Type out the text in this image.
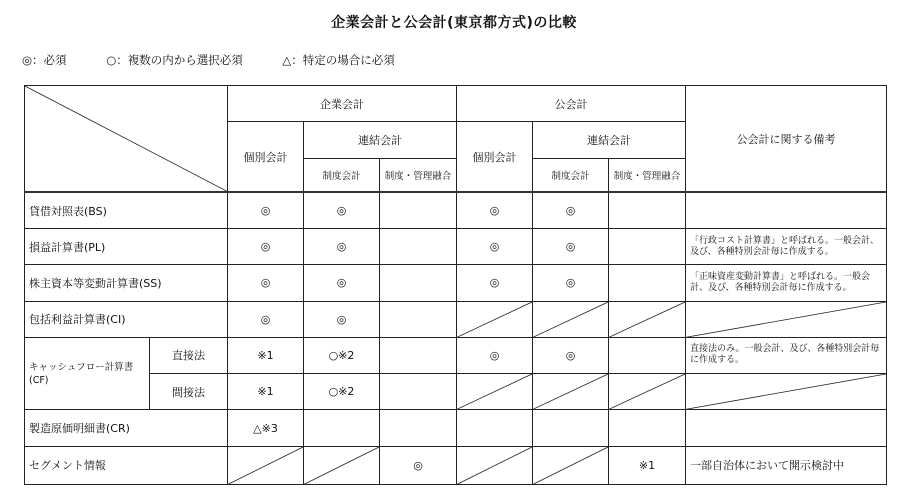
企業会計と公会計(東京都方式)の比較
◎：必須	○：複数の内から選択必須	△：特定の場合に必須
	企業会計			公会計			公会計に関する備考
		個別会計	連結会計		個別会計	連結会計		
			制度会計	制度・管理融合		制度会計	制度・管理融合	
貸借対照表(BS)		◎	◎		◎	◎		
損益計算書(PL)		◎	◎		◎	◎		「行政コスト計算書」と呼ばれる。一般会計、及び、各種特別会計毎に作成する。
株主資本等変動計算書(SS)		◎	◎		◎	◎		「正味資産変動計算書」と呼ばれる。一般会計、及び、各種特別会計毎に作成する。
包括利益計算書(CI)		◎	◎		

キャッシュフロー計算書(CF)	直接法	※1	○※2		◎	◎		直接法のみ。一般会計、及び、各種特別会計毎に作成する。
	間接法	※1	○※2		

製造原価明細書(CR)		△※3						
セグメント情報				◎			※1	一部自治体において開示検討中
